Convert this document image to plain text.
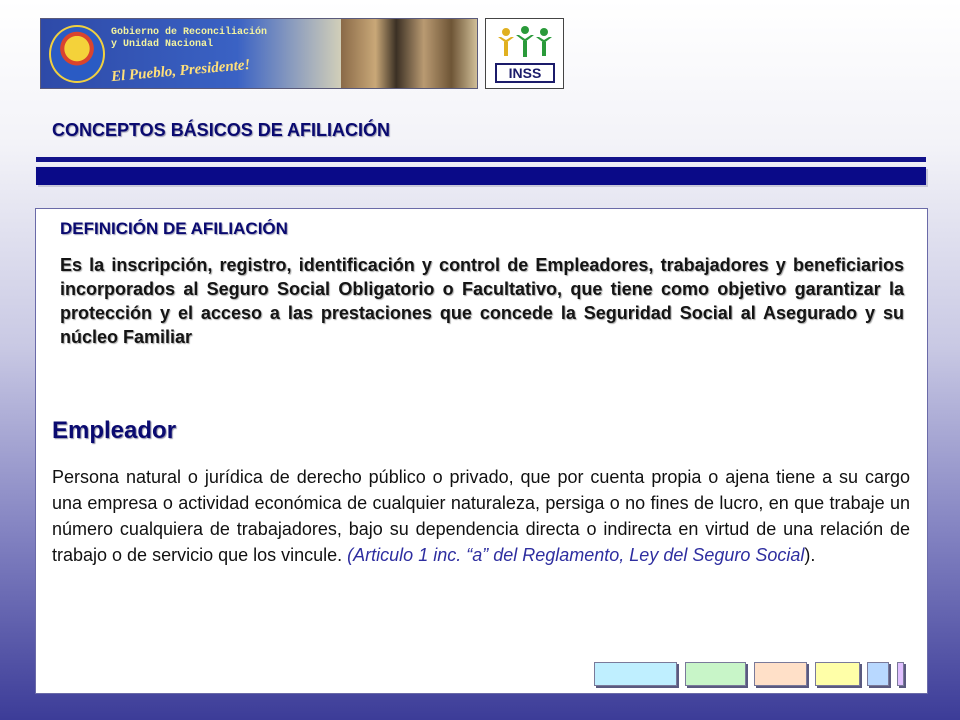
Gobierno de Reconciliación
y Unidad Nacional
El Pueblo, Presidente!	INSS
CONCEPTOS BÁSICOS DE AFILIACIÓN
DEFINICIÓN DE AFILIACIÓN
Es la inscripción, registro, identificación y control de Empleadores, trabajadores y beneficiarios incorporados al Seguro Social Obligatorio o Facultativo, que tiene como objetivo garantizar la protección y el acceso a las prestaciones que concede la Seguridad Social al Asegurado y su núcleo Familiar
Empleador
Persona natural o jurídica de derecho público o privado, que por cuenta propia o ajena tiene a su cargo una empresa o actividad económica de cualquier naturaleza, persiga o no fines de lucro, en que trabaje un número cualquiera de trabajadores, bajo su dependencia directa o indirecta en virtud de una relación de trabajo o de servicio que los vincule. (Articulo 1 inc. “a” del Reglamento, Ley del Seguro Social).
